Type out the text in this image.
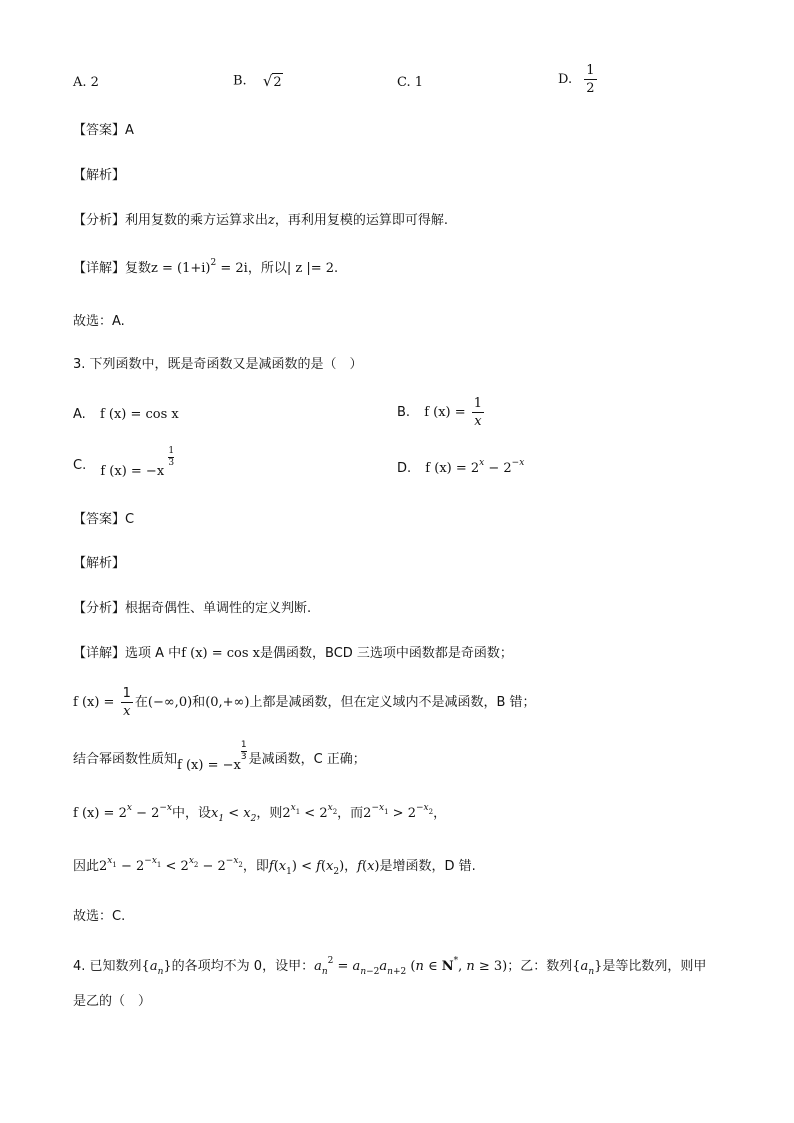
A. 2	B. √ 2	C. 1	D. $\frac{1}{2}$
【答案】A
【解析】
【分析】利用复数的乘方运算求出z，再利用复模的运算即可得解.
【详解】复数$z = (1+i)^2 = 2i$，所以| z |= 2.
故选：A.
3. 下列函数中，既是奇函数又是减函数的是（　）
A. f (x) = cos x	B. f $(x) = \frac{1}{x}$
C. f (x) = −x
$\frac{1}{3}$
D. f $(x) = 2^x - 2^{-x}$
【答案】C
【解析】
【分析】根据奇偶性、单调性的定义判断.
【详解】选项 A 中f (x) = cos x是偶函数，BCD 三选项中函数都是奇函数；
f $(x) = \frac{1}{x}$ 在(−∞,0)和(0,+∞)上都是减函数，但在定义域内不是减函数，B 错；
结合幂函数性质知f (x) = −x
$\frac{1}{3}$ 是减函数，C 正确；
f $(x) = 2^x - 2^{-x}$中，设$x_1 < x_2$，则$2^{x_1} < 2^{x_2}$，而$2^{-x_1} > 2^{-x_2}$，
因此$2^{x_1} - 2^{-x_1} < 2^{x_2} - 2^{-x_2}$，即$f(x_1) < f(x_2)$，f(x)是增函数，D 错.
故选：C.
4. 已知数列$\{a_n\}$的各项均不为 0，设甲：$a_n^2 = a_{n-2}a_{n+2}$ (n ∈ N*, n ≥ 3)；乙：数列$\{a_n\}$是等比数列，则甲
是乙的（　）
